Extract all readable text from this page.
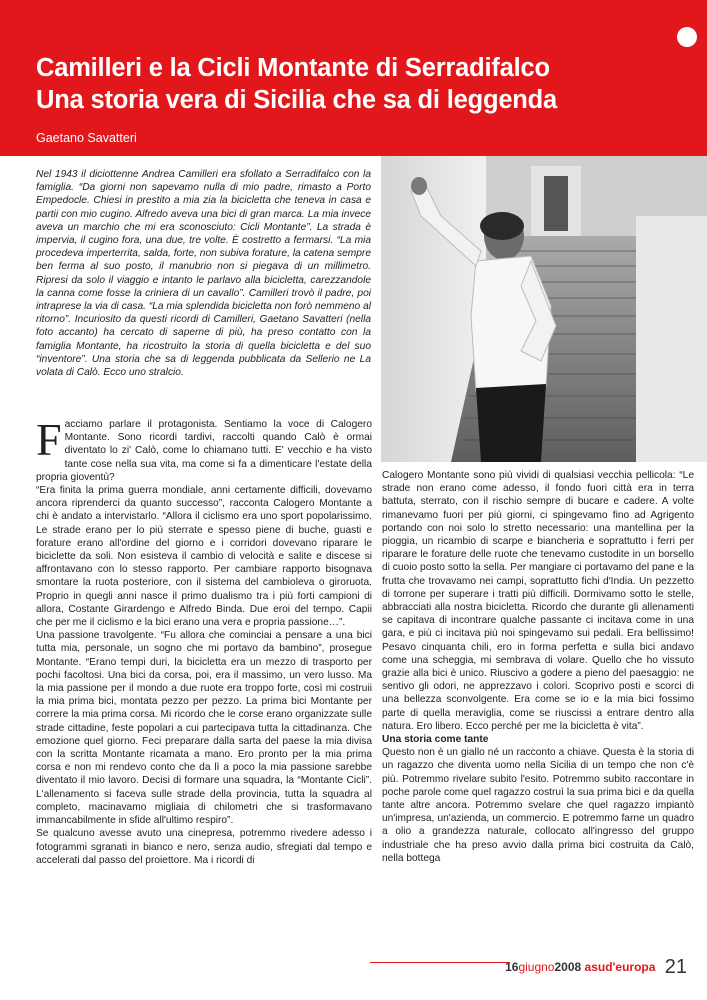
Camilleri e la Cicli Montante di Serradifalco
Una storia vera di Sicilia che sa di leggenda
Gaetano Savatteri

Nel 1943 il diciottenne Andrea Camilleri era sfollato a Serradifalco con la famiglia. “Da giorni non sapevamo nulla di mio padre, rimasto a Porto Empedocle. Chiesi in prestito a mia zia la bicicletta che teneva in casa e partii con mio cugino. Alfredo aveva una bici di gran marca. La mia invece aveva un marchio che mi era sconosciuto: Cicli Montante”. La strada è impervia, il cugino fora, una due, tre volte. È costretto a fermarsi. “La mia procedeva imperterrita, salda, forte, non subiva forature, la catena sempre ben ferma al suo posto, il manubrio non si piegava di un millimetro. Ripresi da solo il viaggio e intanto le parlavo alla bicicletta, carezzandole la canna come fosse la criniera di un cavallo”. Camilleri trovò il padre, poi intraprese la via di casa. “La mia splendida bicicletta non forò nemmeno al ritorno”. Incuriosito da questi ricordi di Camilleri, Gaetano Savatteri (nella foto accanto) ha cercato di saperne di più, ha preso contatto con la famiglia Montante, ha ricostruito la storia di quella bicicletta e del suo “inventore”. Una storia che sa di leggenda pubblicata da Sellerio ne La volata di Calò. Ecco uno stralcio.

Facciamo parlare il protagonista. Sentiamo la voce di Calogero Montante. Sono ricordi tardivi, raccolti quando Calò è ormai diventato lo zi' Calò, come lo chiamano tutti. E' vecchio e ha visto tante cose nella sua vita, ma come si fa a dimenticare l'estate della propria gioventù?

“Era finita la prima guerra mondiale, anni certamente difficili, dovevamo ancora riprenderci da quanto successo”, racconta Calogero Montante a chi è andato a intervistarlo. “Allora il ciclismo era uno sport popolarissimo. Le strade erano per lo più sterrate e spesso piene di buche, guasti e forature erano all'ordine del giorno e i corridori dovevano riparare le biciclette da soli. Non esisteva il cambio di velocità e salite e discese si affrontavano con lo stesso rapporto. Per cambiare rapporto bisognava smontare la ruota posteriore, con il sistema del cambioleva o giroruota. Proprio in quegli anni nasce il primo dualismo tra i più forti campioni di allora, Costante Girardengo e Alfredo Binda. Due eroi del tempo. Capii che per me il ciclismo e la bici erano una vera e propria passione…”.

Una passione travolgente. “Fu allora che cominciai a pensare a una bici tutta mia, personale, un sogno che mi portavo da bambino”, prosegue Montante. “Erano tempi duri, la bicicletta era un mezzo di trasporto per pochi facoltosi. Una bici da corsa, poi, era il massimo, un vero lusso. Ma la mia passione per il mondo a due ruote era troppo forte, così mi costruii la mia prima bici, montata pezzo per pezzo. La prima bici Montante per correre la mia prima corsa. Mi ricordo che le corse erano organizzate sulle strade cittadine, feste popolari a cui partecipava tutta la cittadinanza. Che emozione quel giorno. Feci preparare dalla sarta del paese la mia divisa con la scritta Montante ricamata a mano. Ero pronto per la mia prima corsa e non mi rendevo conto che da lì a poco la mia passione sarebbe diventato il mio lavoro. Decisi di formare una squadra, la “Montante Cicli”. L'allenamento si faceva sulle strade della provincia, tutta la squadra al completo, macinavamo migliaia di chilometri che si trasformavano immancabilmente in sfide all'ultimo respiro”.

Se qualcuno avesse avuto una cinepresa, potremmo rivedere adesso i fotogrammi sgranati in bianco e nero, senza audio, sfregiati dal tempo e accelerati dal passo del proiettore. Ma i ricordi di

Calogero Montante sono più vividi di qualsiasi vecchia pellicola: “Le strade non erano come adesso, il fondo fuori città era in terra battuta, sterrato, con il rischio sempre di bucare e cadere. A volte rimanevamo fuori per più giorni, ci spingevamo fino ad Agrigento portando con noi solo lo stretto necessario: una mantellina per la pioggia, un ricambio di scarpe e biancheria e soprattutto i ferri per riparare le forature delle ruote che tenevamo custodite in un borsello di cuoio posto sotto la sella. Per mangiare ci portavamo del pane e la frutta che trovavamo nei campi, soprattutto fichi d'India. Un pezzetto di torrone per superare i tratti più difficili. Dormivamo sotto le stelle, abbracciati alla nostra bicicletta. Ricordo che durante gli allenamenti se capitava di incontrare qualche passante ci incitava come in una gara, e più ci incitava più noi spingevamo sui pedali. Era bellissimo! Pesavo cinquanta chili, ero in forma perfetta e sulla bici andavo come una scheggia, mi sembrava di volare. Quello che ho vissuto grazie alla bici è unico. Riuscivo a godere a pieno del paesaggio: ne sentivo gli odori, ne apprezzavo i colori. Scoprivo posti e scorci di una bellezza sconvolgente. Era come se io e la mia bici fossimo parte di quella meraviglia, come se riuscissi a entrare dentro alla natura. Ero libero. Ecco perché per me la bicicletta è vita”.

Una storia come tante

Questo non è un giallo né un racconto a chiave. Questa è la storia di un ragazzo che diventa uomo nella Sicilia di un tempo che non c'è più. Potremmo rivelare subito l'esito. Potremmo subito raccontare in poche parole come quel ragazzo costruì la sua prima bici e da quella tante altre ancora. Potremmo svelare che quel ragazzo impiantò un'impresa, un'azienda, un commercio. E potremmo farne un quadro a olio a grandezza naturale, collocato all'ingresso del gruppo industriale che ha preso avvio dalla prima bici costruita da Calò, nella bottega

16giugno2008 asud'europa 21
